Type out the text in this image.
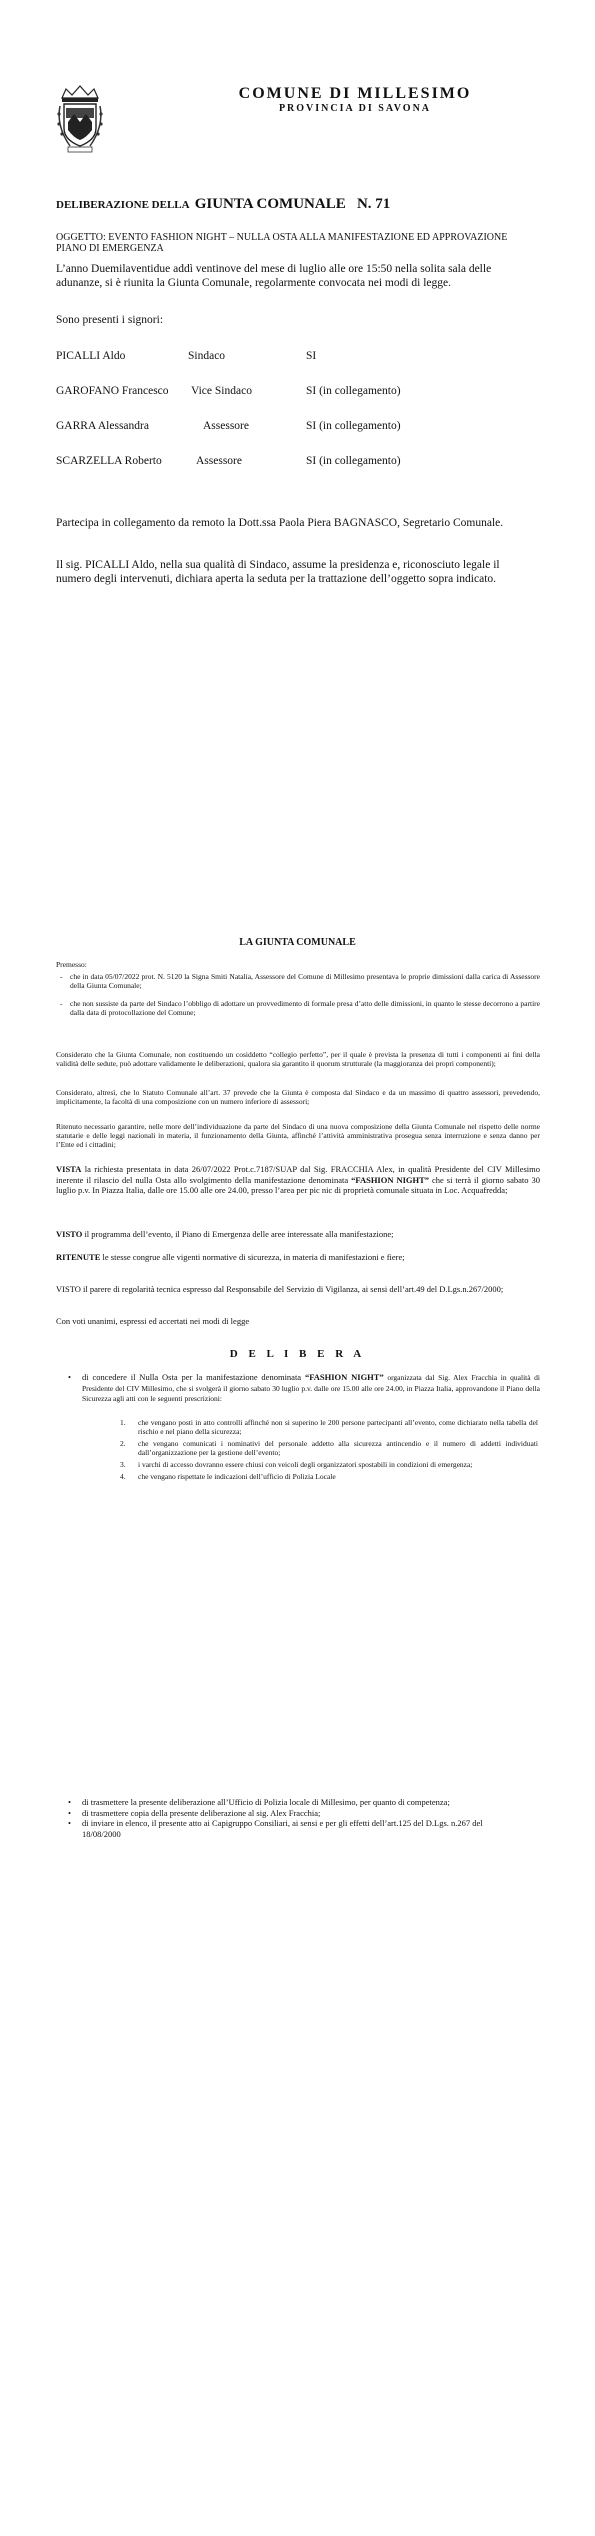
COMUNE DI MILLESIMO
PROVINCIA DI SAVONA
DELIBERAZIONE DELLA GIUNTA COMUNALE   N. 71
OGGETTO: EVENTO FASHION NIGHT – NULLA OSTA ALLA MANIFESTAZIONE ED APPROVAZIONE PIANO DI EMERGENZA
L’anno Duemilaventidue addì ventinove del mese di luglio alle ore 15:50 nella solita sala delle adunanze, si è riunita la Giunta Comunale, regolarmente convocata nei modi di legge.
Sono presenti i signori:
PICALLI Aldo	Sindaco	SI
GAROFANO Francesco Vice Sindaco	SI (in collegamento)
GARRA Alessandra	Assessore	SI (in collegamento)
SCARZELLA Roberto	Assessore	SI (in collegamento)
Partecipa in collegamento da remoto la Dott.ssa Paola Piera BAGNASCO, Segretario Comunale.
Il sig. PICALLI Aldo, nella sua qualità di Sindaco, assume la presidenza e, riconosciuto legale il numero degli intervenuti, dichiara aperta la seduta per la trattazione dell’oggetto sopra indicato.
LA GIUNTA COMUNALE
Premesso:
- che in data 05/07/2022 prot. N. 5120 la Signa Smiti Natalia, Assessore del Comune di Millesimo presentava le proprie dimissioni dalla carica di Assessore della Giunta Comunale;
- che non sussiste da parte del Sindaco l’obbligo di adottare un provvedimento di formale presa d’atto delle dimissioni, in quanto le stesse decorrono a partire dalla data di protocollazione del Comune;
Considerato che la Giunta Comunale, non costituendo un cosiddetto “collegio perfetto”, per il quale è prevista la presenza di tutti i componenti ai fini della validità delle sedute, può adottare validamente le deliberazioni, qualora sia garantito il quorum strutturale (la maggioranza dei propri componenti);
Considerato, altresì, che lo Statuto Comunale all’art. 37 prevede che la Giunta è composta dal Sindaco e da un massimo di quattro assessori, prevedendo, implicitamente, la facoltà di una composizione con un numero inferiore di assessori;
Ritenuto necessario garantire, nelle more dell’individuazione da parte del Sindaco di una nuova composizione della Giunta Comunale nel rispetto delle norme statutarie e delle leggi nazionali in materia, il funzionamento della Giunta, affinché l’attività amministrativa prosegua senza interruzione e senza danno per l’Ente ed i cittadini;
VISTA la richiesta presentata in data 26/07/2022 Prot.c.7187/SUAP dal Sig. FRACCHIA Alex, in qualità Presidente del CIV Millesimo inerente il rilascio del nulla Osta allo svolgimento della manifestazione denominata “FASHION NIGHT” che si terrà il giorno sabato 30 luglio p.v. In Piazza Italia, dalle ore 15.00 alle ore 24.00, presso l’area per pic nic di proprietà comunale situata in Loc. Acquafredda;
VISTO il programma dell’evento, il Piano di Emergenza delle aree interessate alla manifestazione;
RITENUTE le stesse congrue alle vigenti normative di sicurezza, in materia di manifestazioni e fiere;
VISTO il parere di regolarità tecnica espresso dal Responsabile del Servizio di Vigilanza, ai sensi dell’art.49 del D.Lgs.n.267/2000;
Con voti unanimi, espressi ed accertati nei modi di legge
D E L I B E R A
• di concedere il Nulla Osta per la manifestazione denominata “FASHION NIGHT” organizzata dal Sig. Alex Fracchia in qualità di Presidente del CIV Millesimo, che si svolgerà il giorno sabato 30 luglio p.v. dalle ore 15.00 alle ore 24.00, in Piazza Italia, approvandone il Piano della Sicurezza agli atti con le seguenti prescrizioni:
1. che vengano posti in atto controlli affinché non si superino le 200 persone partecipanti all’evento, come dichiarato nella tabella del rischio e nel piano della sicurezza;
2. che vengano comunicati i nominativi del personale addetto alla sicurezza antincendio e il numero di addetti individuati dall’organizzazione per la gestione dell’evento;
3. i varchi di accesso dovranno essere chiusi con veicoli degli organizzatori spostabili in condizioni di emergenza;
4. che vengano rispettate le indicazioni dell’ufficio di Polizia Locale
• di trasmettere la presente deliberazione all’Ufficio di Polizia locale di Millesimo, per quanto di competenza;
• di trasmettere copia della presente deliberazione al sig. Alex Fracchia;
• di inviare in elenco, il presente atto ai Capigruppo Consiliari, ai sensi e per gli effetti dell’art.125 del D.Lgs. n.267 del 18/08/2000
